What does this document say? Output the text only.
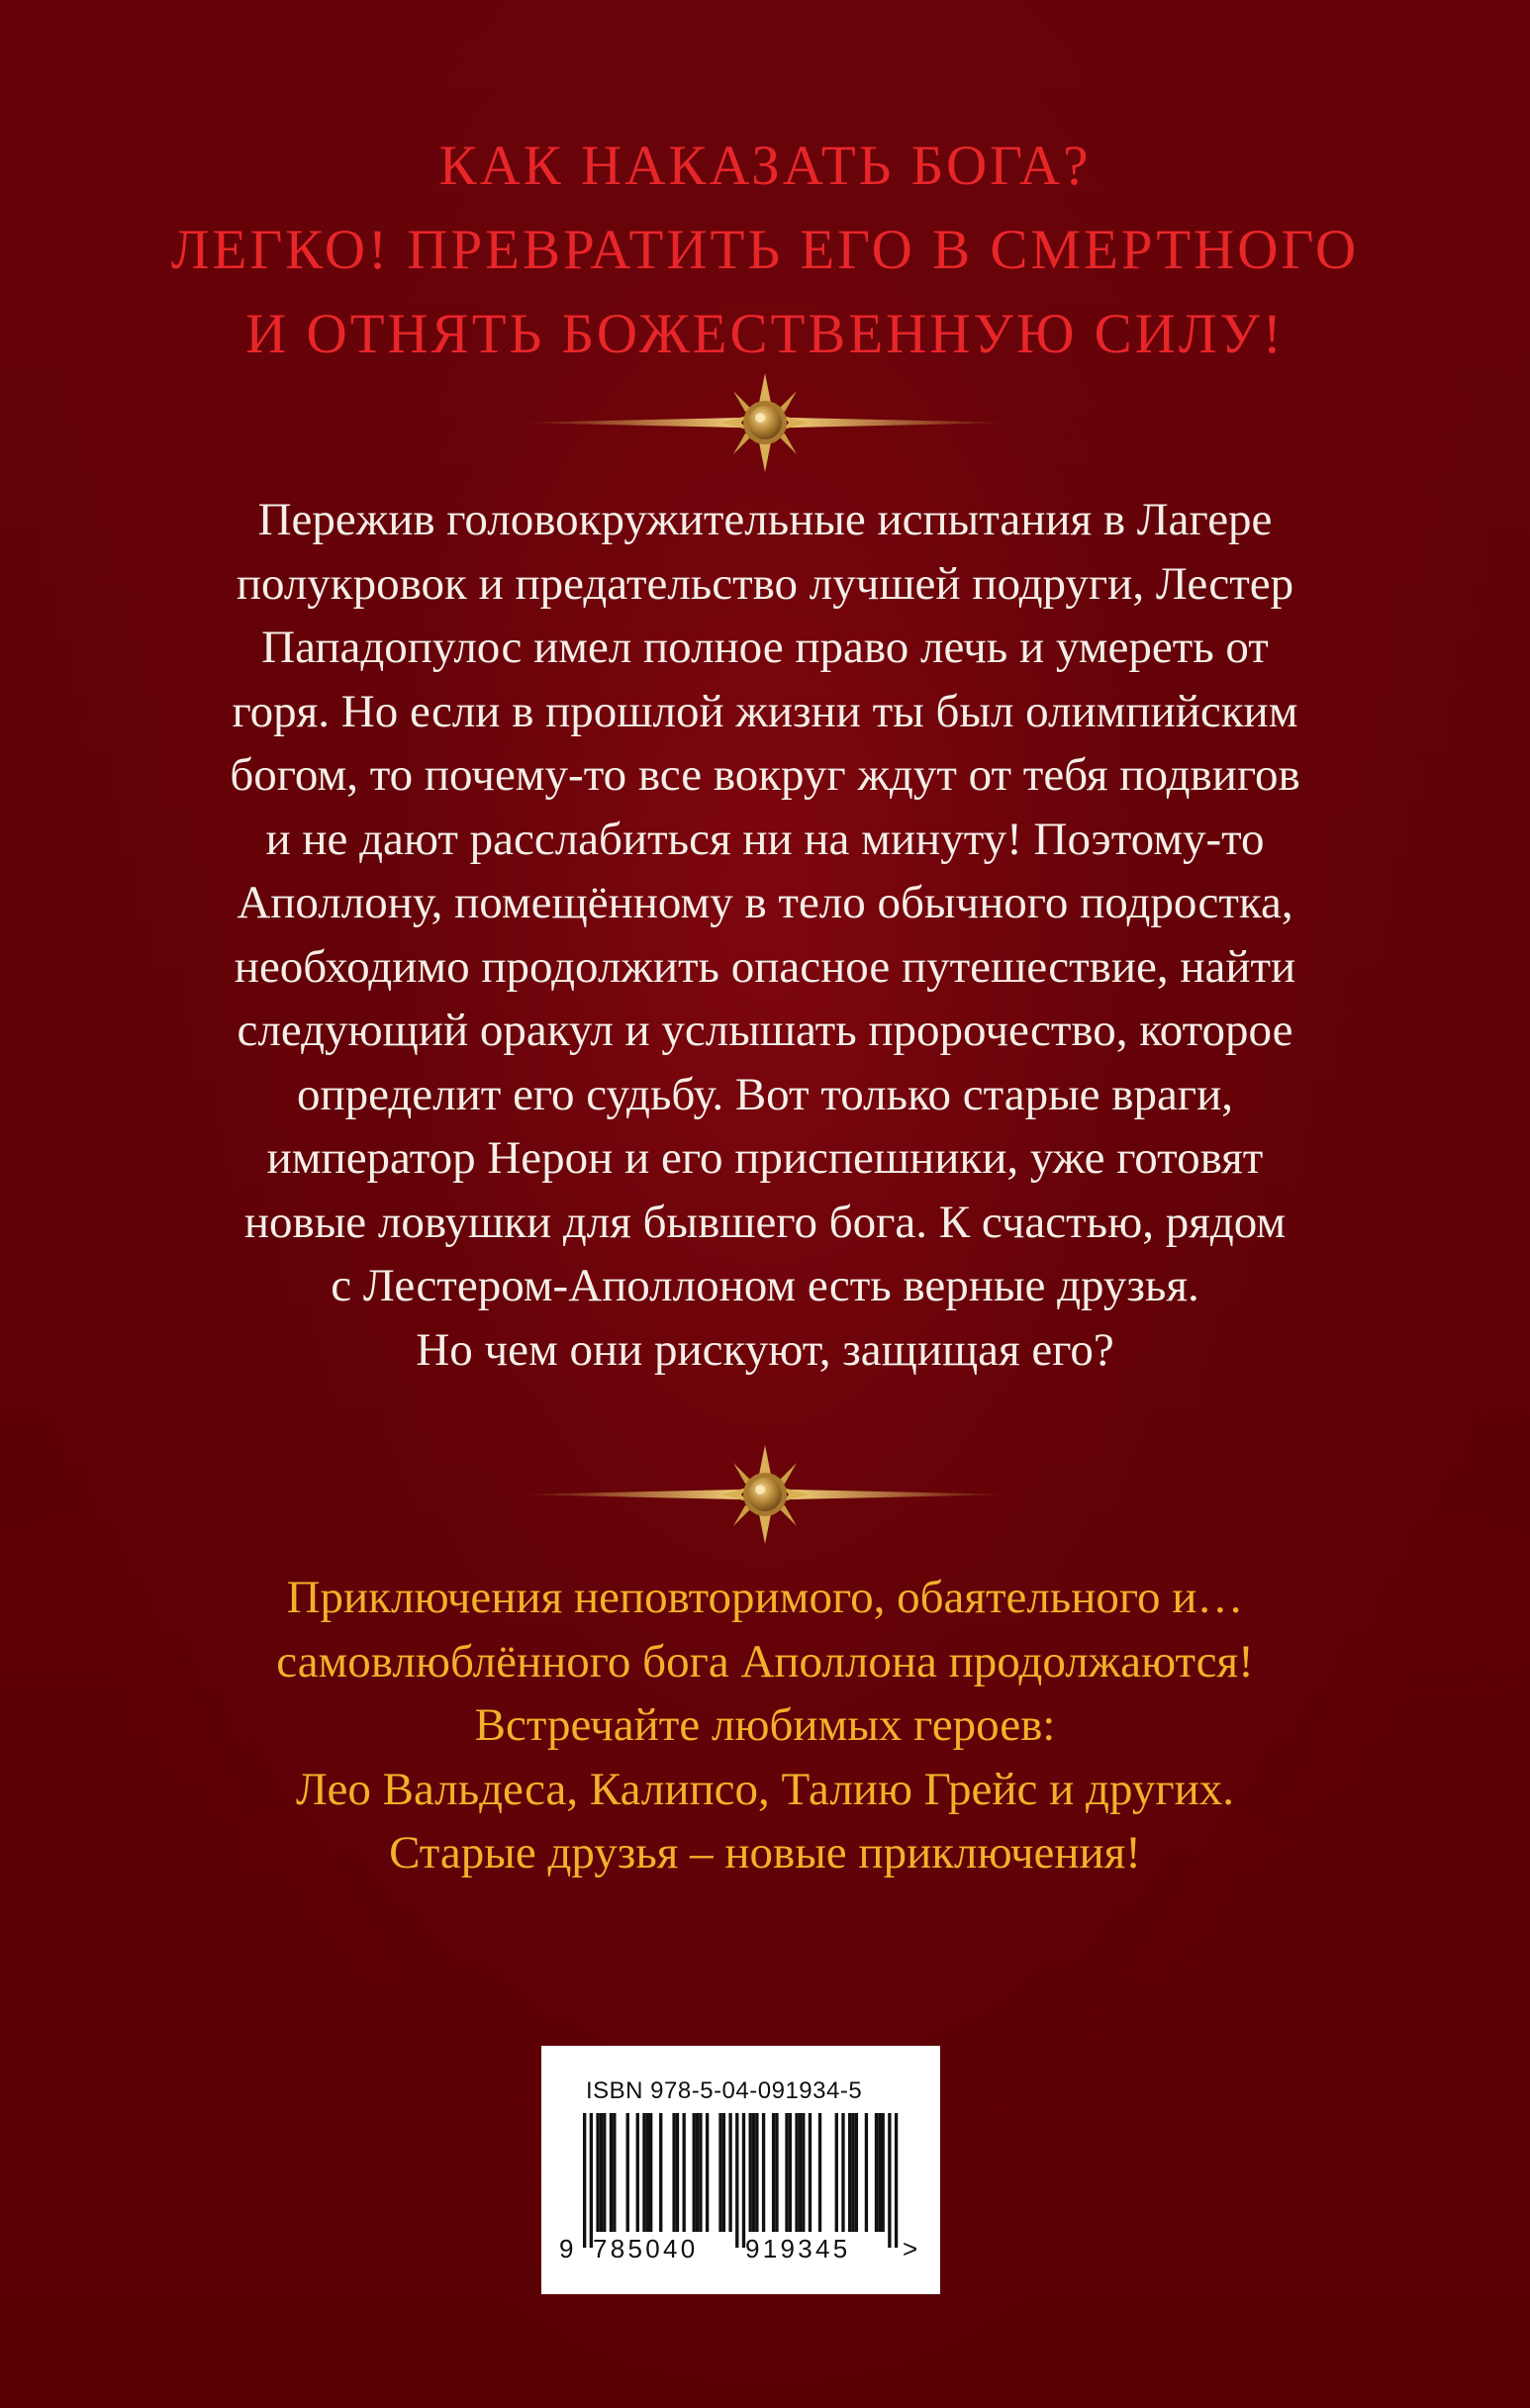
КАК НАКАЗАТЬ БОГА?
ЛЕГКО! ПРЕВРАТИТЬ ЕГО В СМЕРТНОГО
И ОТНЯТЬ БОЖЕСТВЕННУЮ СИЛУ!
Пережив головокружительные испытания в Лагере
полукровок и предательство лучшей подруги, Лестер
Пападопулос имел полное право лечь и умереть от
горя. Но если в прошлой жизни ты был олимпийским
богом, то почему-то все вокруг ждут от тебя подвигов
и не дают расслабиться ни на минуту! Поэтому-то
Аполлону, помещённому в тело обычного подростка,
необходимо продолжить опасное путешествие, найти
следующий оракул и услышать пророчество, которое
определит его судьбу. Вот только старые враги,
император Нерон и его приспешники, уже готовят
новые ловушки для бывшего бога. К счастью, рядом
с Лестером-Аполлоном есть верные друзья.
Но чем они рискуют, защищая его?
Приключения неповторимого, обаятельного и…
самовлюблённого бога Аполлона продолжаются!
Встречайте любимых героев:
Лео Вальдеса, Калипсо, Талию Грейс и других.
Старые друзья – новые приключения!
ISBN 978-5-04-091934-5
9 785040 919345 >
